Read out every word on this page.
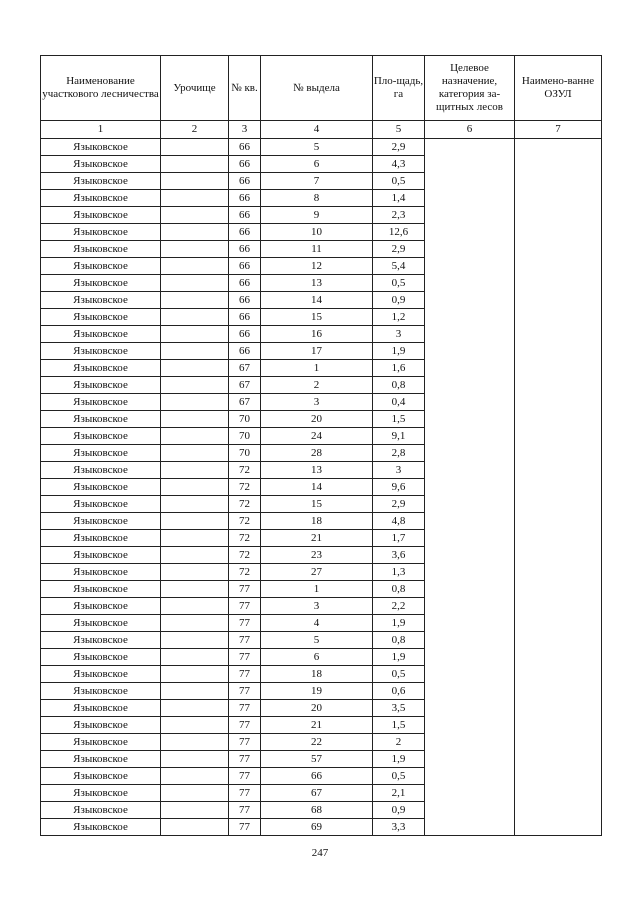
Наименование участкового лесничества	Урочище	№ кв.	№ выдела	Пло-щадь, га	Целевое назначение, категория за-щитных лесов	Наимено-ванне ОЗУЛ
1	2	3	4	5	6	7
Языковское		66	5	2,9		
Языковское		66	6	4,3		
Языковское		66	7	0,5		
Языковское		66	8	1,4		
Языковское		66	9	2,3		
Языковское		66	10	12,6		
Языковское		66	11	2,9		
Языковское		66	12	5,4		
Языковское		66	13	0,5		
Языковское		66	14	0,9		
Языковское		66	15	1,2		
Языковское		66	16	3		
Языковское		66	17	1,9		
Языковское		67	1	1,6		
Языковское		67	2	0,8		
Языковское		67	3	0,4		
Языковское		70	20	1,5		
Языковское		70	24	9,1		
Языковское		70	28	2,8		
Языковское		72	13	3		
Языковское		72	14	9,6		
Языковское		72	15	2,9		
Языковское		72	18	4,8		
Языковское		72	21	1,7		
Языковское		72	23	3,6		
Языковское		72	27	1,3		
Языковское		77	1	0,8		
Языковское		77	3	2,2		
Языковское		77	4	1,9		
Языковское		77	5	0,8		
Языковское		77	6	1,9		
Языковское		77	18	0,5		
Языковское		77	19	0,6		
Языковское		77	20	3,5		
Языковское		77	21	1,5		
Языковское		77	22	2		
Языковское		77	57	1,9		
Языковское		77	66	0,5		
Языковское		77	67	2,1		
Языковское		77	68	0,9		
Языковское		77	69	3,3		
247
